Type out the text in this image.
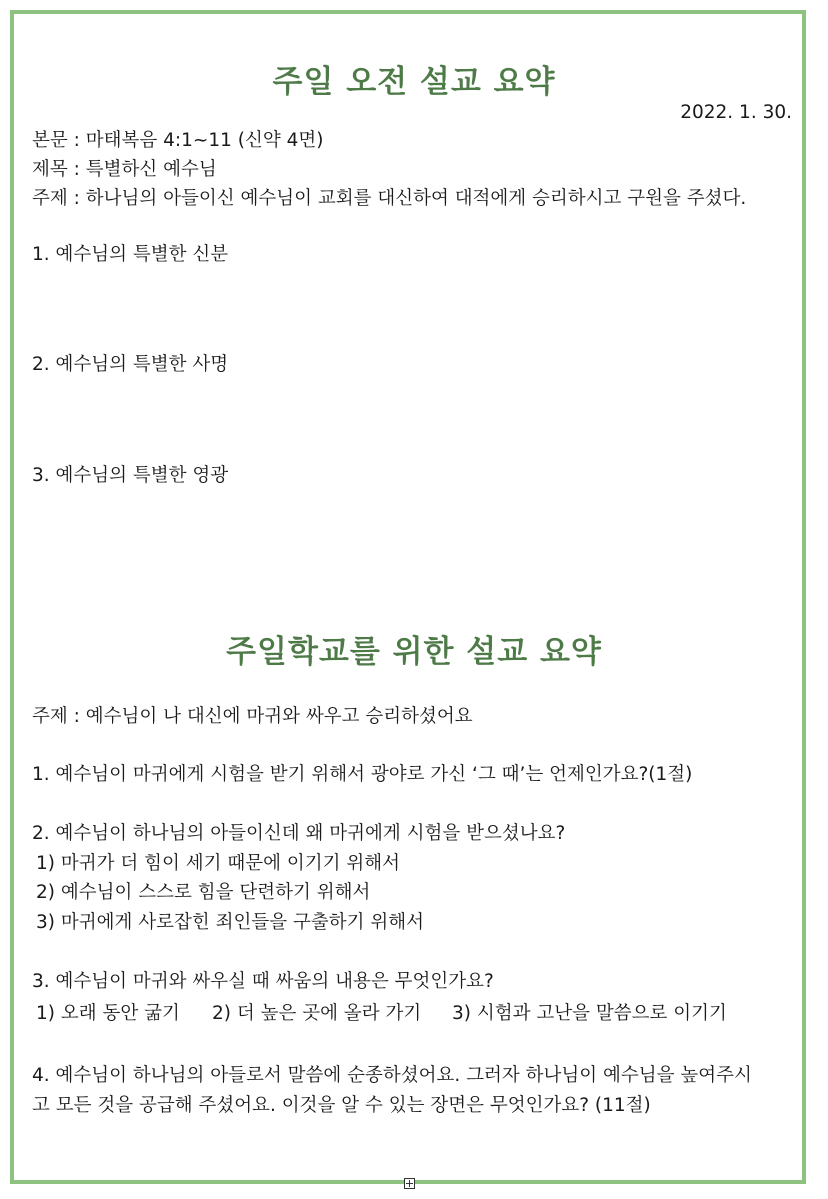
주일 오전 설교 요약
2022. 1. 30.
본문 : 마태복음 4:1~11 (신약 4면)
제목 : 특별하신 예수님
주제 : 하나님의 아들이신 예수님이 교회를 대신하여 대적에게 승리하시고 구원을 주셨다.
1. 예수님의 특별한 신분
2. 예수님의 특별한 사명
3. 예수님의 특별한 영광
주일학교를 위한 설교 요약
주제 : 예수님이 나 대신에 마귀와 싸우고 승리하셨어요
1. 예수님이 마귀에게 시험을 받기 위해서 광야로 가신 ‘그 때’는 언제인가요?(1절)
2. 예수님이 하나님의 아들이신데 왜 마귀에게 시험을 받으셨나요?
1) 마귀가 더 힘이 세기 때문에 이기기 위해서
2) 예수님이 스스로 힘을 단련하기 위해서
3) 마귀에게 사로잡힌 죄인들을 구출하기 위해서
3. 예수님이 마귀와 싸우실 때 싸움의 내용은 무엇인가요?
1) 오래 동안 굶기 2) 더 높은 곳에 올라 가기 3) 시험과 고난을 말씀으로 이기기
4. 예수님이 하나님의 아들로서 말씀에 순종하셨어요. 그러자 하나님이 예수님을 높여주시
고 모든 것을 공급해 주셨어요. 이것을 알 수 있는 장면은 무엇인가요? (11절)
